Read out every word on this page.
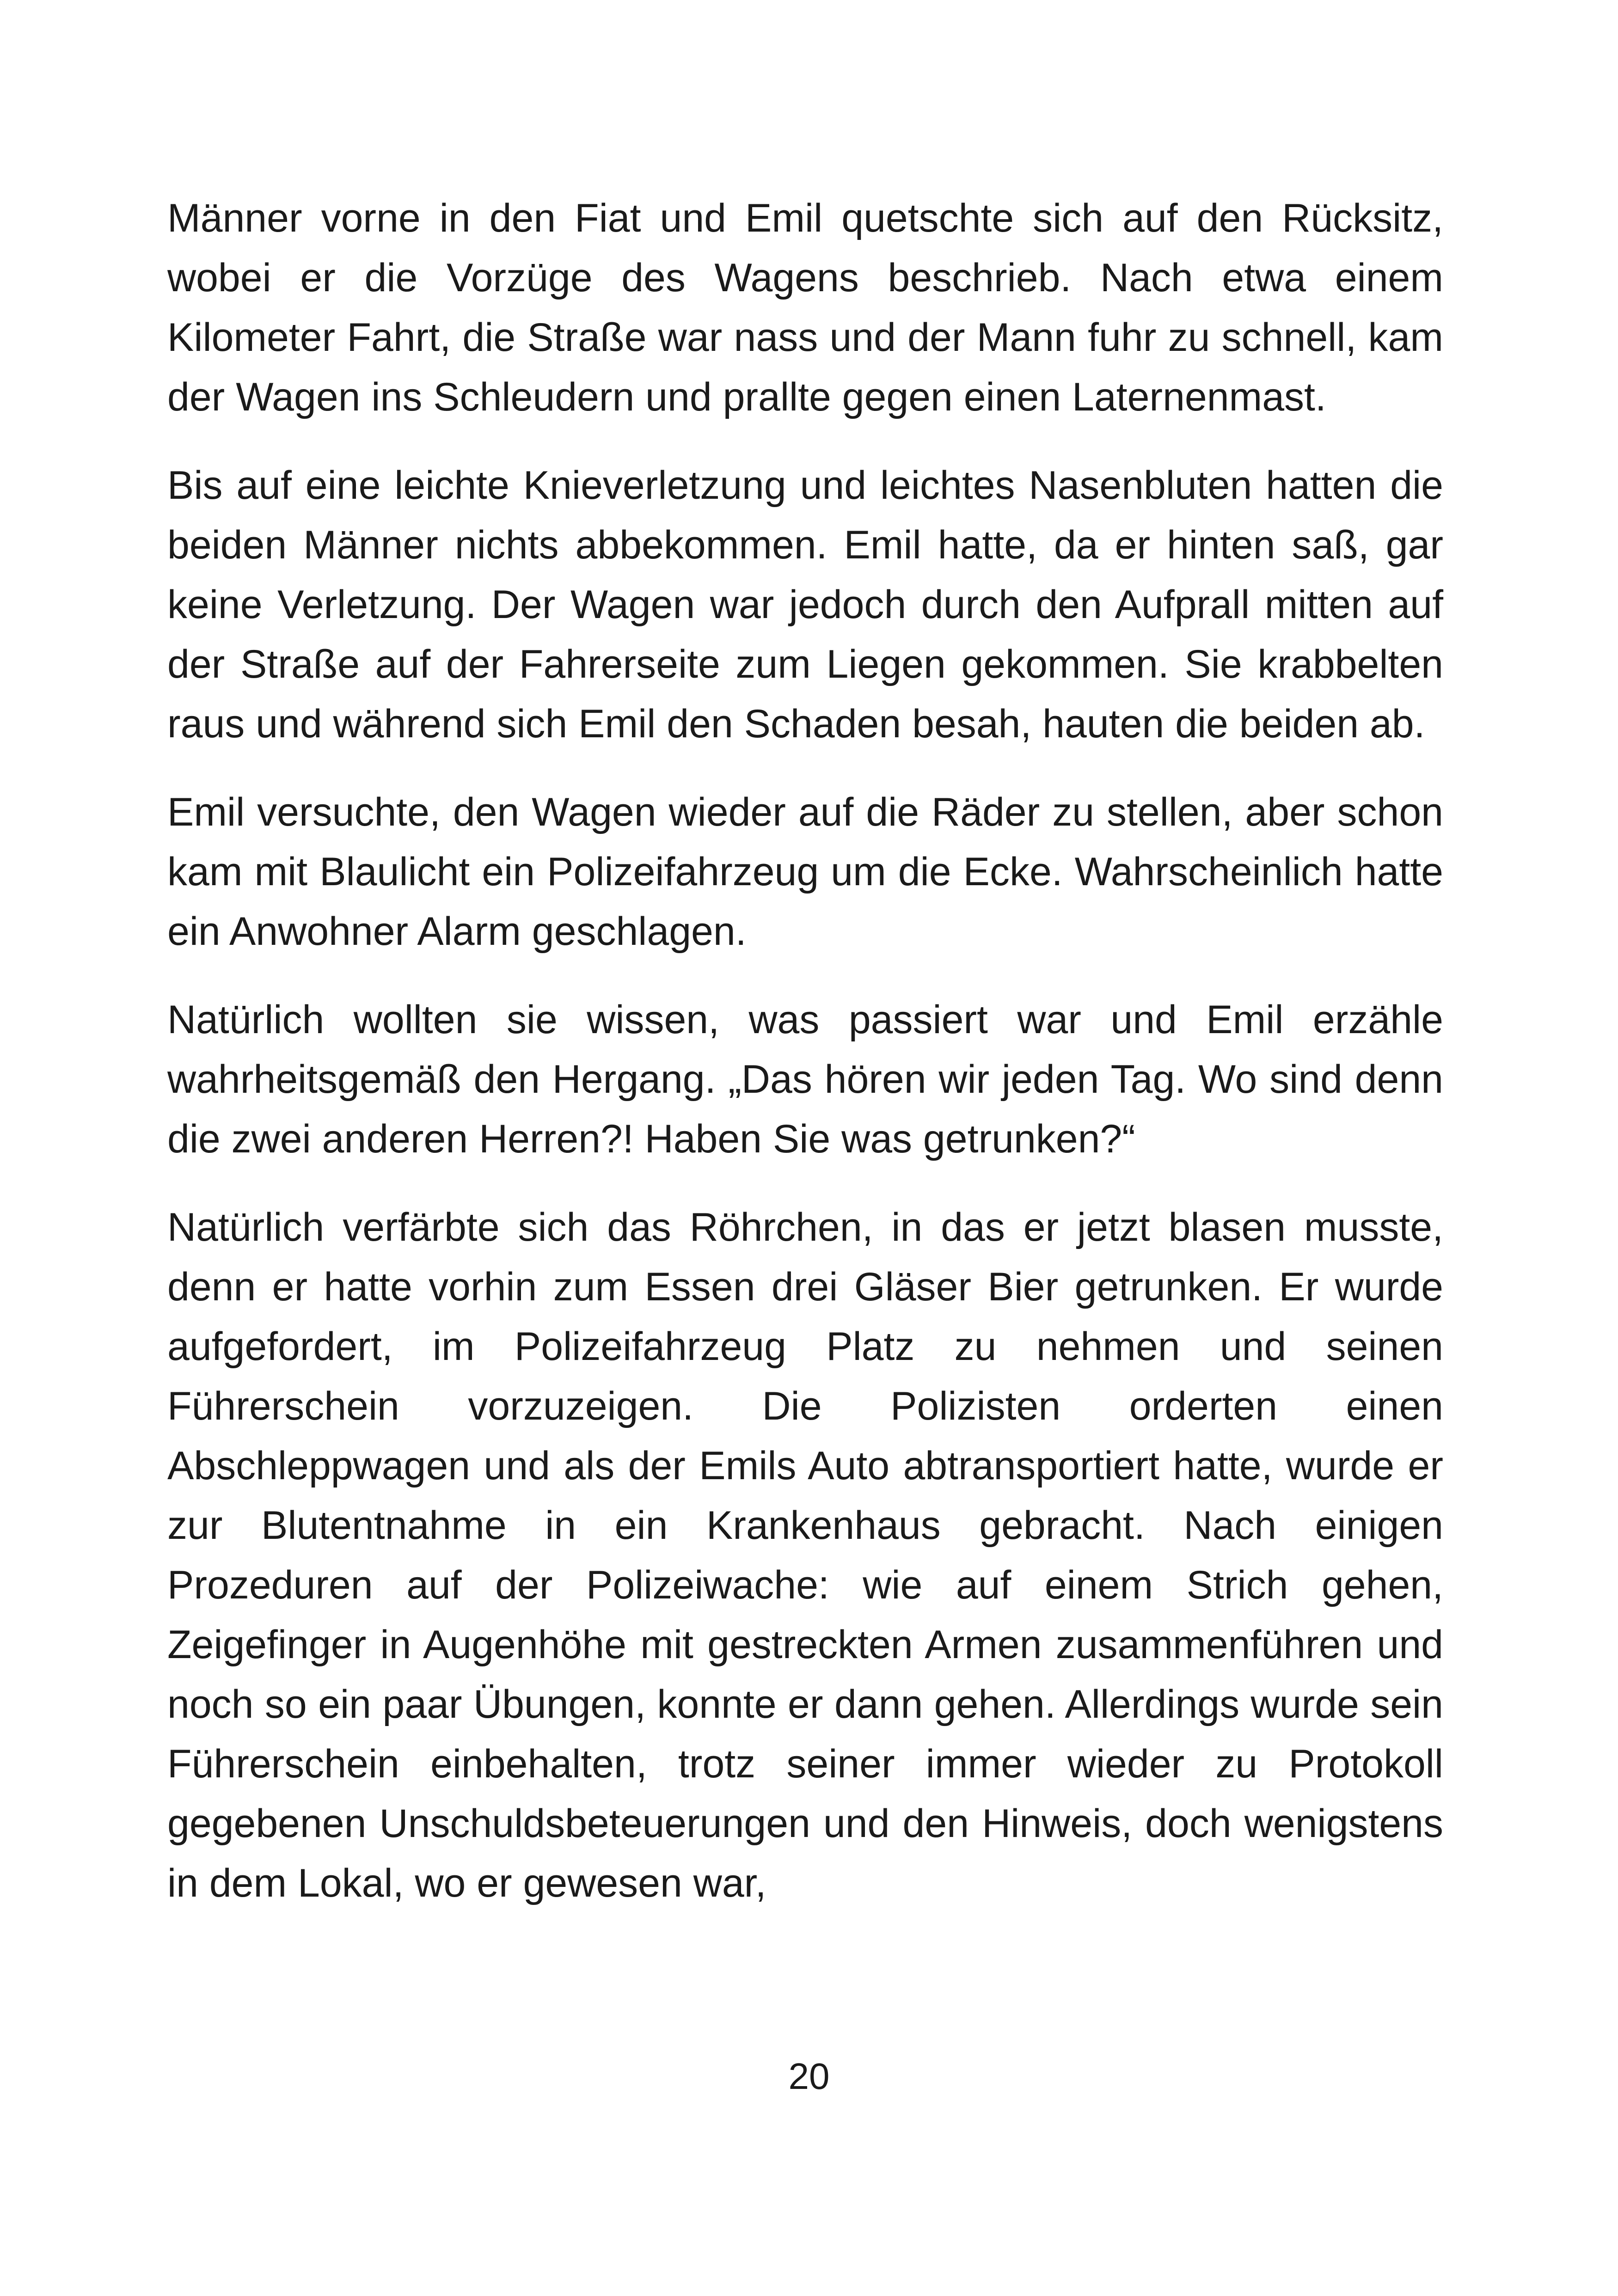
Männer vorne in den Fiat und Emil quetschte sich auf den Rücksitz, wobei er die Vorzüge des Wagens beschrieb. Nach etwa einem Kilometer Fahrt, die Straße war nass und der Mann fuhr zu schnell, kam der Wagen ins Schleudern und prallte gegen einen Laternenmast.

Bis auf eine leichte Knieverletzung und leichtes Nasenbluten hatten die beiden Männer nichts abbekommen. Emil hatte, da er hinten saß, gar keine Verletzung. Der Wagen war jedoch durch den Aufprall mitten auf der Straße auf der Fahrerseite zum Liegen gekommen. Sie krabbelten raus und während sich Emil den Schaden besah, hauten die beiden ab.

Emil versuchte, den Wagen wieder auf die Räder zu stellen, aber schon kam mit Blaulicht ein Polizeifahrzeug um die Ecke. Wahrscheinlich hatte ein Anwohner Alarm geschlagen.

Natürlich wollten sie wissen, was passiert war und Emil erzähle wahrheitsgemäß den Hergang. „Das hören wir jeden Tag. Wo sind denn die zwei anderen Herren?! Haben Sie was getrunken?“

Natürlich verfärbte sich das Röhrchen, in das er jetzt blasen musste, denn er hatte vorhin zum Essen drei Gläser Bier getrunken. Er wurde aufgefordert, im Polizeifahrzeug Platz zu nehmen und seinen Führerschein vorzuzeigen. Die Polizisten orderten einen Abschleppwagen und als der Emils Auto abtransportiert hatte, wurde er zur Blutentnahme in ein Krankenhaus gebracht. Nach einigen Prozeduren auf der Polizeiwache: wie auf einem Strich gehen, Zeigefinger in Augenhöhe mit gestreckten Armen zusammenführen und noch so ein paar Übungen, konnte er dann gehen. Allerdings wurde sein Führerschein einbehalten, trotz seiner immer wieder zu Protokoll gegebenen Unschuldsbeteuerungen und den Hinweis, doch wenigstens in dem Lokal, wo er gewesen war,

20
